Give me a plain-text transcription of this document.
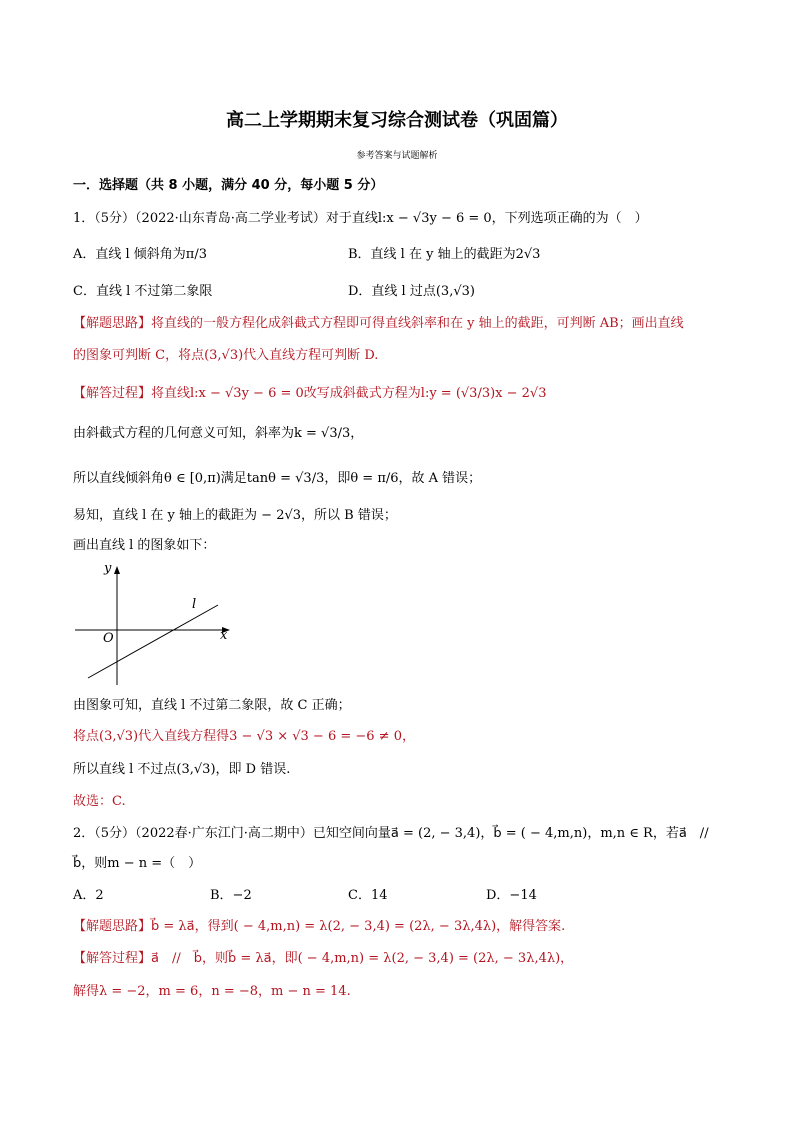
高二上学期期末复习综合测试卷（巩固篇）
参考答案与试题解析
一．选择题（共 8 小题，满分 40 分，每小题 5 分）
1．（5分）（2022·山东青岛·高二学业考试）对于直线l:x − √3y − 6 = 0，下列选项正确的为（　）
A．直线 l 倾斜角为π/3	B．直线 l 在 y 轴上的截距为2√3
C．直线 l 不过第二象限	D．直线 l 过点(3,√3)
【解题思路】将直线的一般方程化成斜截式方程即可得直线斜率和在 y 轴上的截距，可判断 AB；画出直线
的图象可判断 C，将点(3,√3)代入直线方程可判断 D.
【解答过程】将直线l:x − √3y − 6 = 0改写成斜截式方程为l:y = (√3/3)x − 2√3
由斜截式方程的几何意义可知，斜率为k = √3/3，
所以直线倾斜角θ ∈ [0,π)满足tanθ = √3/3，即θ = π/6，故 A 错误；
易知，直线 l 在 y 轴上的截距为 − 2√3，所以 B 错误；
画出直线 l 的图象如下：
y
x
O
l
由图象可知，直线 l 不过第二象限，故 C 正确；
将点(3,√3)代入直线方程得3 − √3 × √3 − 6 = −6 ≠ 0，
所以直线 l 不过点(3,√3)，即 D 错误.
故选：C.
2．（5分）（2022春·广东江门·高二期中）已知空间向量a⃗ = (2, − 3,4)，b⃗ = ( − 4,m,n)，m,n ∈ R，若a⃗　//
b⃗，则m − n =（　）
A．2	B．−2	C．14	D．−14
【解题思路】b⃗ = λa⃗，得到( − 4,m,n) = λ(2, − 3,4) = (2λ, − 3λ,4λ)，解得答案.
【解答过程】a⃗　//　b⃗，则b⃗ = λa⃗，即( − 4,m,n) = λ(2, − 3,4) = (2λ, − 3λ,4λ)，
解得λ = −2，m = 6，n = −8，m − n = 14.
